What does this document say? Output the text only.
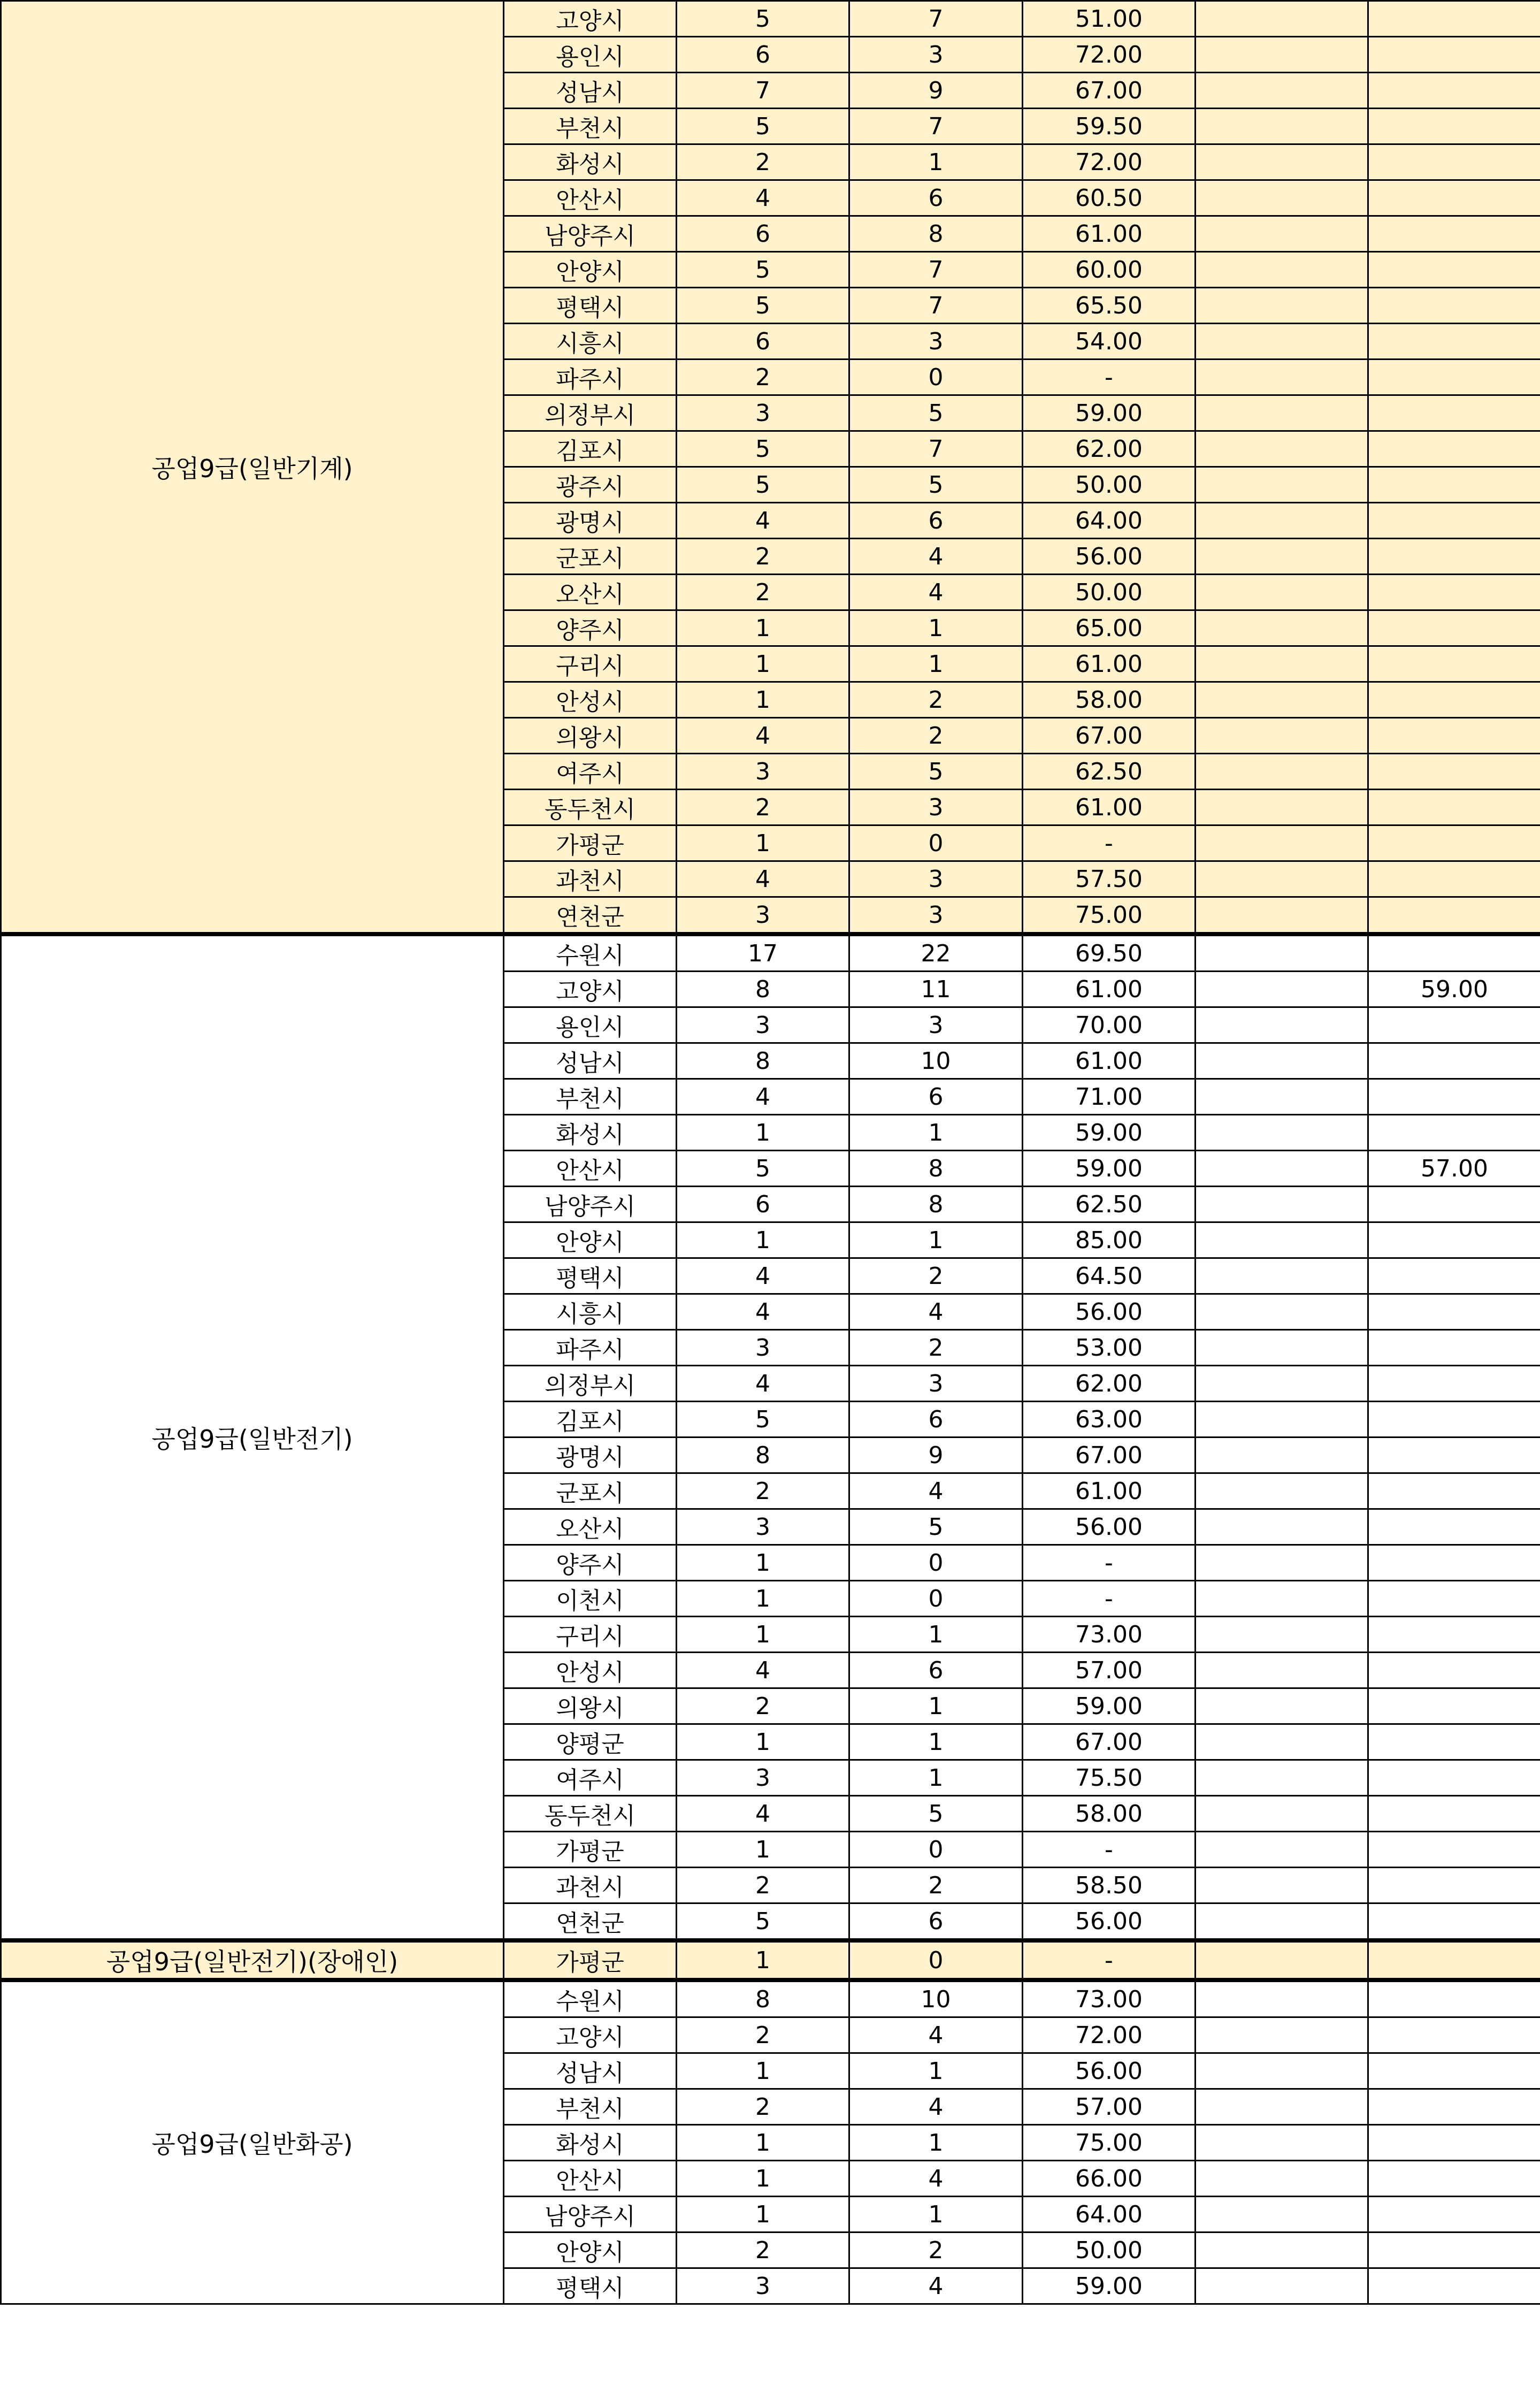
공업9급(일반기계)	고양시	5	7	51.00		
	용인시	6	3	72.00		
	성남시	7	9	67.00		
	부천시	5	7	59.50		
	화성시	2	1	72.00		
	안산시	4	6	60.50		
	남양주시	6	8	61.00		
	안양시	5	7	60.00		
	평택시	5	7	65.50		
	시흥시	6	3	54.00		
	파주시	2	0	-		
	의정부시	3	5	59.00		
	김포시	5	7	62.00		
	광주시	5	5	50.00		
	광명시	4	6	64.00		
	군포시	2	4	56.00		
	오산시	2	4	50.00		
	양주시	1	1	65.00		
	구리시	1	1	61.00		
	안성시	1	2	58.00		
	의왕시	4	2	67.00		
	여주시	3	5	62.50		
	동두천시	2	3	61.00		
	가평군	1	0	-		
	과천시	4	3	57.50		
	연천군	3	3	75.00		
공업9급(일반전기)	수원시	17	22	69.50		
	고양시	8	11	61.00		59.00
	용인시	3	3	70.00		
	성남시	8	10	61.00		
	부천시	4	6	71.00		
	화성시	1	1	59.00		
	안산시	5	8	59.00		57.00
	남양주시	6	8	62.50		
	안양시	1	1	85.00		
	평택시	4	2	64.50		
	시흥시	4	4	56.00		
	파주시	3	2	53.00		
	의정부시	4	3	62.00		
	김포시	5	6	63.00		
	광명시	8	9	67.00		
	군포시	2	4	61.00		
	오산시	3	5	56.00		
	양주시	1	0	-		
	이천시	1	0	-		
	구리시	1	1	73.00		
	안성시	4	6	57.00		
	의왕시	2	1	59.00		
	양평군	1	1	67.00		
	여주시	3	1	75.50		
	동두천시	4	5	58.00		
	가평군	1	0	-		
	과천시	2	2	58.50		
	연천군	5	6	56.00		
공업9급(일반전기)(장애인)	가평군	1	0	-		
공업9급(일반화공)	수원시	8	10	73.00		
	고양시	2	4	72.00		
	성남시	1	1	56.00		
	부천시	2	4	57.00		
	화성시	1	1	75.00		
	안산시	1	4	66.00		
	남양주시	1	1	64.00		
	안양시	2	2	50.00		
	평택시	3	4	59.00		
